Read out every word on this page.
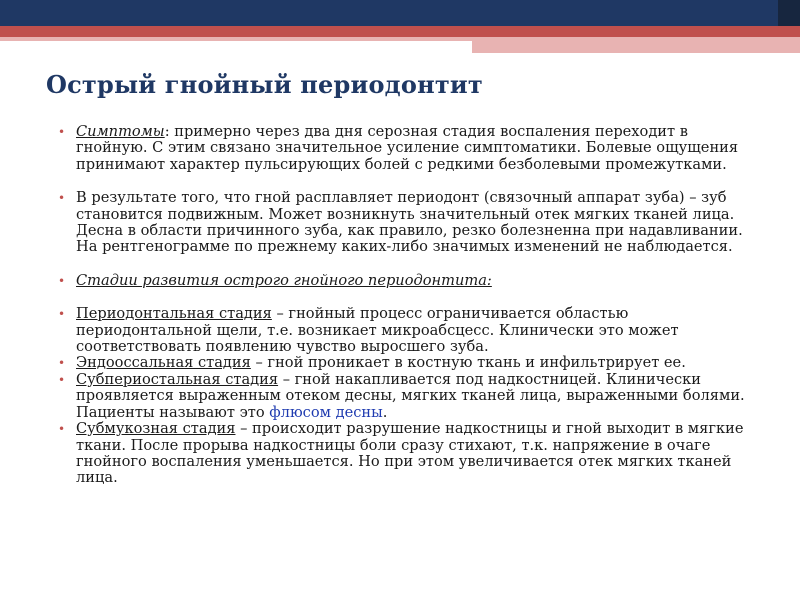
Острый гнойный периодонтит

• Симптомы: примерно через два дня серозная стадия воспаления переходит в гнойную. С этим связано значительное усиление симптоматики. Болевые ощущения принимают характер пульсирующих болей с редкими безболевыми промежутками.

• В результате того, что гной расплавляет периодонт (связочный аппарат зуба) – зуб становится подвижным. Может возникнуть значительный отек мягких тканей лица. Десна в области причинного зуба, как правило, резко болезненна при надавливании. На рентгенограмме по прежнему каких-либо значимых изменений не наблюдается.

• Стадии развития острого гнойного периодонтита:

• Периодонтальная стадия – гнойный процесс ограничивается областью периодонтальной щели, т.е. возникает микроабсцесс. Клинически это может соответствовать появлению чувство выросшего зуба.

• Эндооссальная стадия – гной проникает в костную ткань и инфильтрирует ее.

• Субпериостальная стадия – гной накапливается под надкостницей. Клинически проявляется выраженным отеком десны, мягких тканей лица, выраженными болями. Пациенты называют это флюсом десны.

• Субмукозная стадия – происходит разрушение надкостницы и гной выходит в мягкие ткани. После прорыва надкостницы боли сразу стихают, т.к. напряжение в очаге гнойного воспаления уменьшается. Но при этом увеличивается отек мягких тканей лица.
